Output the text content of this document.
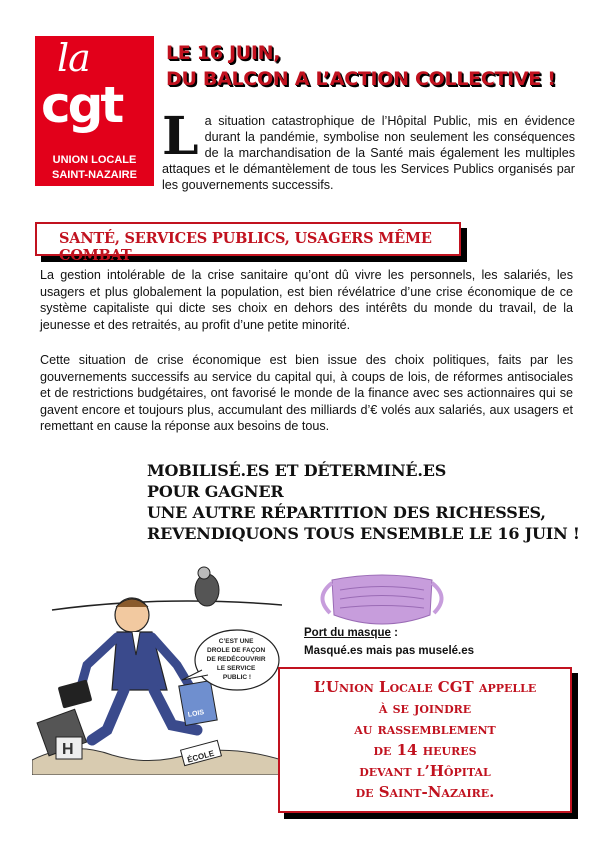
la
cgt
UNION LOCALE
SAINT-NAZAIRE
LE 16 JUIN,
DU BALCON A L’ACTION COLLECTIVE !
L a situation catastrophique de l’Hôpital Public, mis en évidence durant la pandémie, symbolise non seulement les conséquences de la marchandisation de la Santé mais également les multiples attaques et le démantèlement de tous les Services Publics organisés par les gouvernements successifs.
SANTÉ, SERVICES PUBLICS, USAGERS MÊME COMBAT
La gestion intolérable de la crise sanitaire qu’ont dû vivre les personnels, les salariés, les usagers et plus globalement la population, est bien révélatrice d’une crise économique de ce système capitaliste qui dicte ses choix en dehors des intérêts du monde du travail, de la jeunesse et des retraités, au profit d’une petite minorité.
Cette situation de crise économique est bien issue des choix politiques, faits par les gouvernements successifs au service du capital qui, à coups de lois, de réformes antisociales et de restrictions budgétaires, ont favorisé le monde de la finance avec ses actionnaires qui se gavent encore et toujours plus, accumulant des milliards d’€ volés aux salariés, aux usagers et remettant en cause la réponse aux besoins de tous.
MOBILISÉ.ES ET DÉTERMINÉ.ES
POUR GAGNER
UNE AUTRE RÉPARTITION DES RICHESSES,
REVENDIQUONS TOUS ENSEMBLE LE 16 JUIN !
H	ÉCOLE
LOIS
C’EST UNE DROLE DE FAÇON DE REDÉCOUVRIR LE SERVICE PUBLIC !
Port du masque :
Masqué.es mais pas muselé.es
L’Union Locale CGT appelle
à se joindre
au rassemblement
de 14 heures
devant l’Hôpital
de Saint-Nazaire.
